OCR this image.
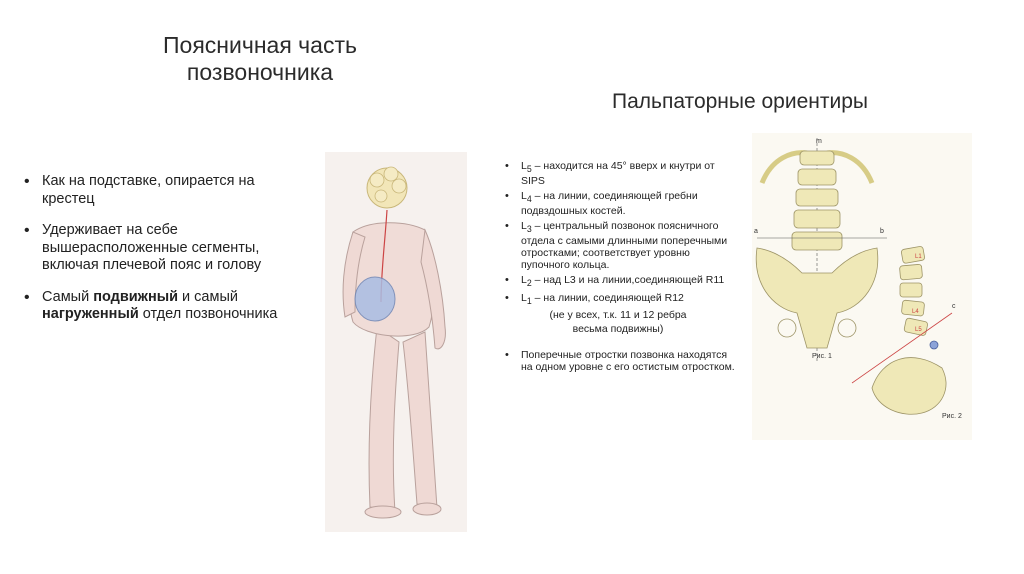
Поясничная часть
позвоночника
Пальпаторные ориентиры
• Как на подставке, опирается на крестец
• Удерживает на себе вышерасположенные сегменты, включая плечевой пояс и голову
• Самый подвижный и самый
нагруженный отдел позвоночника
• $L_5$ – находится на 45° вверх и кнутри от SIPS
• $L_4$ – на линии, соединяющей гребни подвздошных костей.
• $L_3$ – центральный позвонок поясничного отдела с самыми длинными поперечными отростками; соответствует уровню пупочного кольца.
• $L_2$ – над L3 и на линии,соединяющей R11
• $L_1$ – на линии, соединяющей R12
(не у всех, т.к. 11 и 12 ребра
весьма подвижны)
• Поперечные отростки позвонка находятся на одном уровне с его остистым отростком.
Рис. 1
m
a	b
L1
L4
L5
c
Рис. 2
